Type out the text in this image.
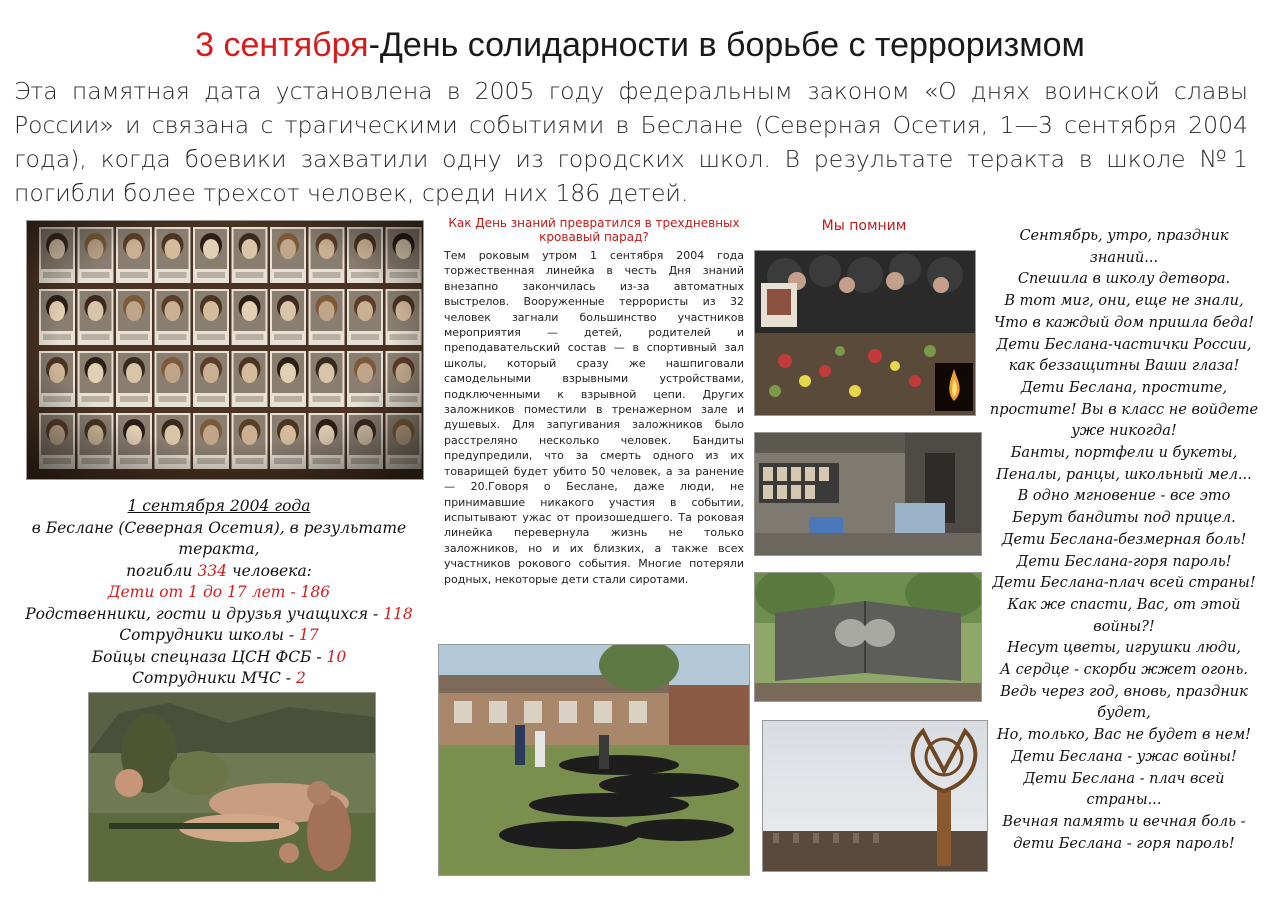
3 сентября-День солидарности в борьбе с терроризмом
Эта памятная дата установлена в 2005 году федеральным законом «О днях воинской славы России» и связана с трагическими событиями в Беслане (Северная Осетия, 1—3 сентября 2004 года), когда боевики захватили одну из городских школ. В результате теракта в школе №1 погибли более трехсот человек, среди них 186 детей.
1 сентября 2004 года
в Беслане (Северная Осетия), в результате теракта,
погибли 334 человека:
Дети от 1 до 17 лет - 186
Родственники, гости и друзья учащихся - 118
Сотрудники школы - 17
Бойцы спецназа ЦСН ФСБ - 10
Сотрудники МЧС - 2
Как День знаний превратился в трехдневных кровавый парад?
Тем роковым утром 1 сентября 2004 года торжественная линейка в честь Дня знаний внезапно закончилась из-за автоматных выстрелов. Вооруженные террористы из 32 человек загнали большинство участников мероприятия — детей, родителей и преподавательский состав — в спортивный зал школы, который сразу же нашпиговали самодельными взрывными устройствами, подключенными к взрывной цепи. Других заложников поместили в тренажерном зале и душевых. Для запугивания заложников было расстреляно несколько человек. Бандиты предупредили, что за смерть одного из их товарищей будет убито 50 человек, а за ранение — 20.Говоря о Беслане, даже люди, не принимавшие никакого участия в событии, испытывают ужас от произошедшего. Та роковая линейка перевернула жизнь не только заложников, но и их близких, а также всех участников рокового события. Многие потеряли родных, некоторые дети стали сиротами.
Мы помним
Сентябрь, утро, праздник знаний...
Спешила в школу детвора.
В тот миг, они, еще не знали,
Что в каждый дом пришла беда!
Дети Беслана-частички России,
как беззащитны Ваши глаза!
Дети Беслана, простите, простите! Вы в класс не войдете уже никогда!
Банты, портфели и букеты,
Пеналы, ранцы, школьный мел...
В одно мгновение - все это
Берут бандиты под прицел.
Дети Беслана-безмерная боль!
Дети Беслана-горя пароль!
Дети Беслана-плач всей страны!
Как же спасти, Вас, от этой войны?!
Несут цветы, игрушки люди,
А сердце - скорби жжет огонь.
Ведь через год, вновь, праздник будет,
Но, только, Вас не будет в нем!
Дети Беслана - ужас войны!
Дети Беслана - плач всей страны...
Вечная память и вечная боль - дети Беслана - горя пароль!
